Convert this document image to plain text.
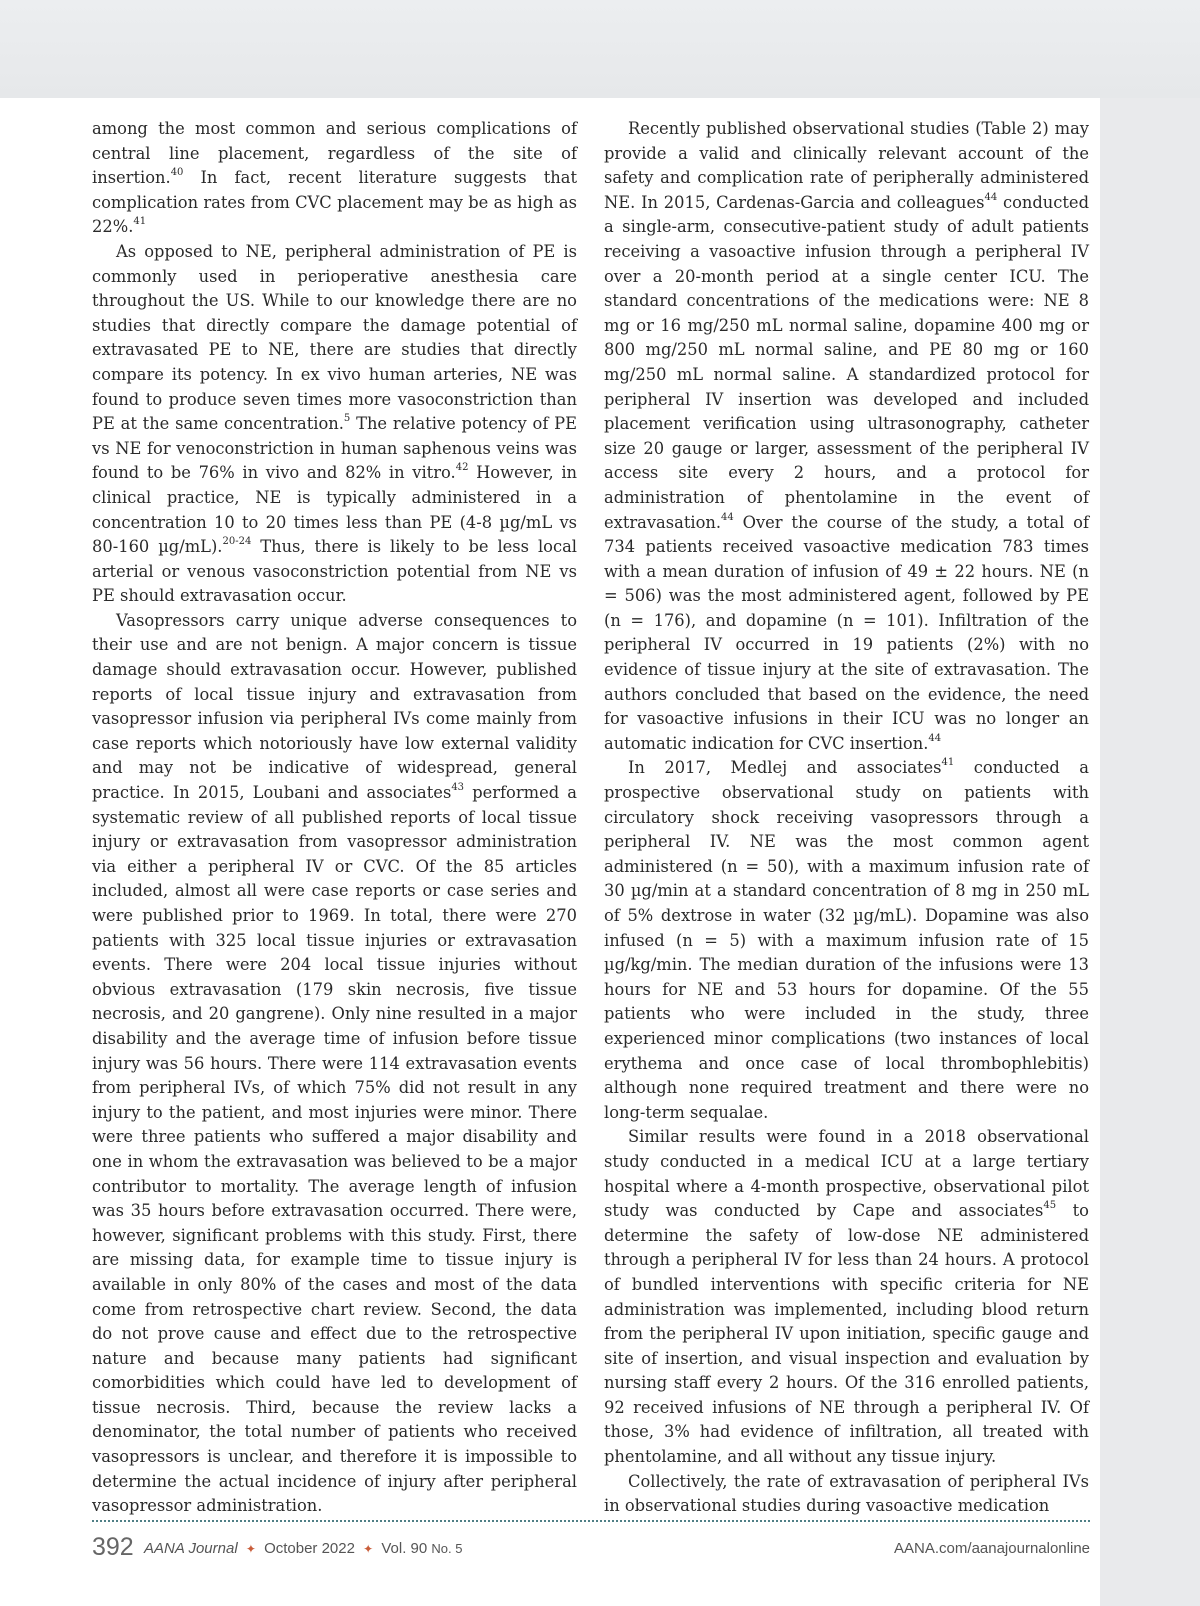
among the most common and serious complications of central line placement, regardless of the site of insertion.$^{40}$ In fact, recent literature suggests that complication rates from CVC placement may be as high as 22%.$^{41}$

As opposed to NE, peripheral administration of PE is commonly used in perioperative anesthesia care throughout the US. While to our knowledge there are no studies that directly compare the damage potential of extravasated PE to NE, there are studies that directly compare its potency. In ex vivo human arteries, NE was found to produce seven times more vasoconstriction than PE at the same concentration.$^5$ The relative potency of PE vs NE for venoconstriction in human saphenous veins was found to be 76% in vivo and 82% in vitro.$^{42}$ However, in clinical practice, NE is typically administered in a concentration 10 to 20 times less than PE (4-8 µg/mL vs 80-160 µg/mL).$^{20-24}$ Thus, there is likely to be less local arterial or venous vasoconstriction potential from NE vs PE should extravasation occur.

Vasopressors carry unique adverse consequences to their use and are not benign. A major concern is tissue damage should extravasation occur. However, published reports of local tissue injury and extravasation from vasopressor infusion via peripheral IVs come mainly from case reports which notoriously have low external validity and may not be indicative of widespread, general practice. In 2015, Loubani and associates$^{43}$ performed a systematic review of all published reports of local tissue injury or extravasation from vasopressor administration via either a peripheral IV or CVC. Of the 85 articles included, almost all were case reports or case series and were published prior to 1969. In total, there were 270 patients with 325 local tissue injuries or extravasation events. There were 204 local tissue injuries without obvious extravasation (179 skin necrosis, five tissue necrosis, and 20 gangrene). Only nine resulted in a major disability and the average time of infusion before tissue injury was 56 hours. There were 114 extravasation events from peripheral IVs, of which 75% did not result in any injury to the patient, and most injuries were minor. There were three patients who suffered a major disability and one in whom the extravasation was believed to be a major contributor to mortality. The average length of infusion was 35 hours before extravasation occurred. There were, however, significant problems with this study. First, there are missing data, for example time to tissue injury is available in only 80% of the cases and most of the data come from retrospective chart review. Second, the data do not prove cause and effect due to the retrospective nature and because many patients had significant comorbidities which could have led to development of tissue necrosis. Third, because the review lacks a denominator, the total number of patients who received vasopressors is unclear, and therefore it is impossible to determine the actual incidence of injury after peripheral vasopressor administration.

Recently published observational studies (Table 2) may provide a valid and clinically relevant account of the safety and complication rate of peripherally administered NE. In 2015, Cardenas-Garcia and colleagues$^{44}$ conducted a single-arm, consecutive-patient study of adult patients receiving a vasoactive infusion through a peripheral IV over a 20-month period at a single center ICU. The standard concentrations of the medications were: NE 8 mg or 16 mg/250 mL normal saline, dopamine 400 mg or 800 mg/250 mL normal saline, and PE 80 mg or 160 mg/250 mL normal saline. A standardized protocol for peripheral IV insertion was developed and included placement verification using ultrasonography, catheter size 20 gauge or larger, assessment of the peripheral IV access site every 2 hours, and a protocol for administration of phentolamine in the event of extravasation.$^{44}$ Over the course of the study, a total of 734 patients received vasoactive medication 783 times with a mean duration of infusion of 49 ± 22 hours. NE (n = 506) was the most administered agent, followed by PE (n = 176), and dopamine (n = 101). Infiltration of the peripheral IV occurred in 19 patients (2%) with no evidence of tissue injury at the site of extravasation. The authors concluded that based on the evidence, the need for vasoactive infusions in their ICU was no longer an automatic indication for CVC insertion.$^{44}$

In 2017, Medlej and associates$^{41}$ conducted a prospective observational study on patients with circulatory shock receiving vasopressors through a peripheral IV. NE was the most common agent administered (n = 50), with a maximum infusion rate of 30 µg/min at a standard concentration of 8 mg in 250 mL of 5% dextrose in water (32 µg/mL). Dopamine was also infused (n = 5) with a maximum infusion rate of 15 µg/kg/min. The median duration of the infusions were 13 hours for NE and 53 hours for dopamine. Of the 55 patients who were included in the study, three experienced minor complications (two instances of local erythema and once case of local thrombophlebitis) although none required treatment and there were no long-term sequalae.

Similar results were found in a 2018 observational study conducted in a medical ICU at a large tertiary hospital where a 4-month prospective, observational pilot study was conducted by Cape and associates$^{45}$ to determine the safety of low-dose NE administered through a peripheral IV for less than 24 hours. A protocol of bundled interventions with specific criteria for NE administration was implemented, including blood return from the peripheral IV upon initiation, specific gauge and site of insertion, and visual inspection and evaluation by nursing staff every 2 hours. Of the 316 enrolled patients, 92 received infusions of NE through a peripheral IV. Of those, 3% had evidence of infiltration, all treated with phentolamine, and all without any tissue injury.

Collectively, the rate of extravasation of peripheral IVs in observational studies during vasoactive medication

392 AANA Journal ✦ October 2022 ✦ Vol. 90 No. 5	AANA.com/aanajournalonline
